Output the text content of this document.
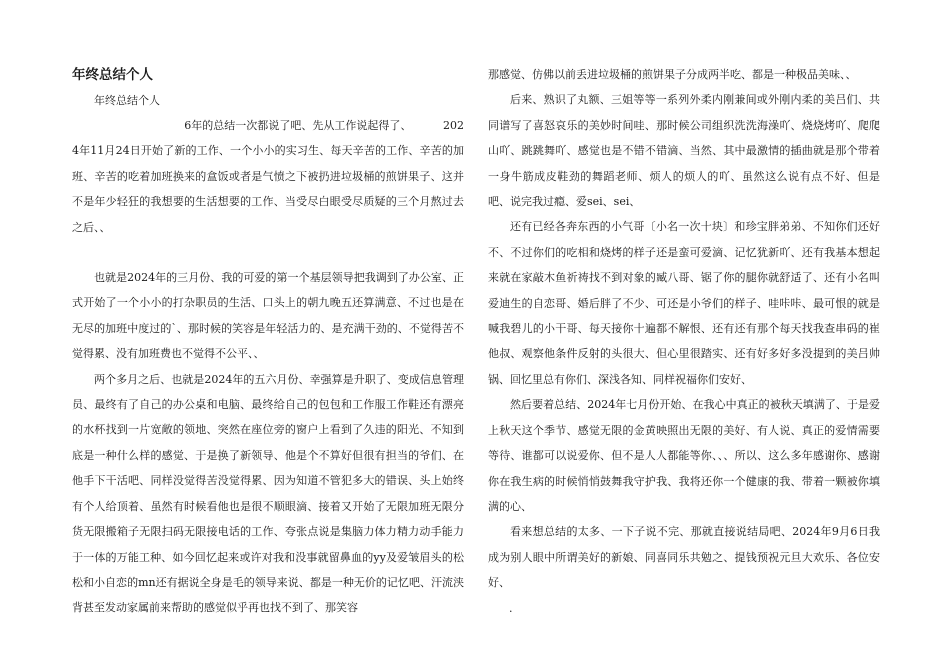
年终总结个人

年终总结个人

6年的总结一次都说了吧、先从工作说起得了、         2024年11月24日开始了新的工作、一个小小的实习生、每天辛苦的工作、辛苦的加班、辛苦的吃着加班换来的盒饭或者是气愤之下被扔进垃圾桶的煎饼果子、这并不是年少轻狂的我想要的生活想要的工作、当受尽白眼受尽质疑的三个月熬过去之后、、

也就是2024年的三月份、我的可爱的第一个基层领导把我调到了办公室、正式开始了一个小小的打杂职员的生活、口头上的朝九晚五还算满意、不过也是在无尽的加班中度过的`、那时候的笑容是年轻活力的、是充满干劲的、不觉得苦不觉得累、没有加班费也不觉得不公平、、

两个多月之后、也就是2024年的五六月份、幸强算是升职了、变成信息管理员、最终有了自己的办公桌和电脑、最终给自己的包包和工作服工作鞋还有漂亮的水杯找到一片宽敞的领地、突然在座位旁的窗户上看到了久违的阳光、不知到底是一种什么样的感觉、于是换了新领导、他是个不算好但很有担当的爷们、在他手下干活吧、同样没觉得苦没觉得累、因为知道不管犯多大的错误、头上始终有个人给顶着、虽然有时候看他也是很不顺眼滴、接着又开始了无限加班无限分货无限搬箱子无限扫码无限接电话的工作、夸张点说是集脑力体力精力动手能力于一体的万能工种、如今回忆起来或许对我和没事就留鼻血的yy及爱皱眉头的松松和小自恋的mn还有据说全身是毛的领导来说、都是一种无价的记忆吧、汗流浃背甚至发动家属前来帮助的感觉似乎再也找不到了、那笑容

那感觉、仿佛以前丢进垃圾桶的煎饼果子分成两半吃、都是一种极品美味、、

后来、熟识了丸额、三姐等等一系列外柔内刚兼间或外刚内柔的美吕们、共同谱写了喜怒哀乐的美妙时间哇、那时候公司组织洗洗海澡吖、烧烧烤吖、爬爬山吖、跳跳舞吖、感觉也是不错不错滴、当然、其中最激情的插曲就是那个带着一身牛筋成皮鞋劲的舞蹈老师、烦人的烦人的吖、虽然这么说有点不好、但是吧、说完我过瘾、爱sei、sei、

还有已经各奔东西的小气哥〔小名一次十块〕和珍宝胖弟弟、不知你们还好不、不过你们的吃相和烧烤的样子还是蛮可爱滴、记忆犹新吖、还有我基本想起来就在家敲木鱼祈祷找不到对象的臧八哥、锯了你的腿你就舒适了、还有小名叫爱迪生的自恋哥、婚后胖了不少、可还是小爷们的样子、哇咔咔、最可恨的就是喊我碧儿的小干哥、每天接你十遍都不解恨、还有还有那个每天找我查串码的崔他叔、观察他条件反射的头很大、但心里很踏实、还有好多好多没提到的美吕帅锅、回忆里总有你们、深浅各知、同样祝福你们安好、

然后要着总结、2024年七月份开始、在我心中真正的被秋天填满了、于是爱上秋天这个季节、感觉无限的金黄映照出无限的美好、有人说、真正的爱情需要等待、谁都可以说爱你、但不是人人都能等你、、、所以、这么多年感谢你、感谢你在我生病的时候悄悄鼓舞我守护我、我将还你一个健康的我、带着一颗被你填满的心、

看来想总结的太多、一下子说不完、那就直接说结局吧、2024年9月6日我成为别人眼中所谓美好的新娘、同喜同乐共勉之、提钱预祝元旦大欢乐、各位安好、

.
